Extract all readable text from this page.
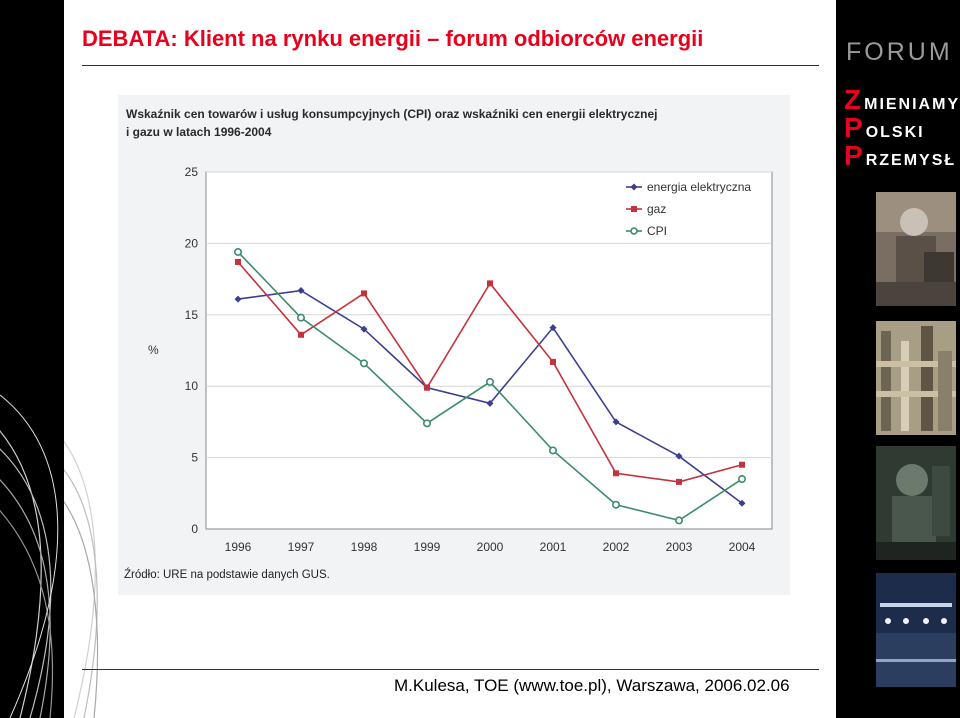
DEBATA: Klient na rynku energii – forum odbiorców energii
Wskaźnik cen towarów i usług konsumpcyjnych (CPI) oraz wskaźniki cen energii elektrycznej
i gazu w latach 1996-2004
%
0
5
10
15
20
25
1996	1997	1998	1999	2000	2001	2002	2003	2004
energia elektryczna
gaz
CPI
Źródło: URE na podstawie danych GUS.
M.Kulesa, TOE (www.toe.pl), Warszawa, 2006.02.06
FORUM
ZMIENIAMY
POLSKI
PRZEMYSŁ
